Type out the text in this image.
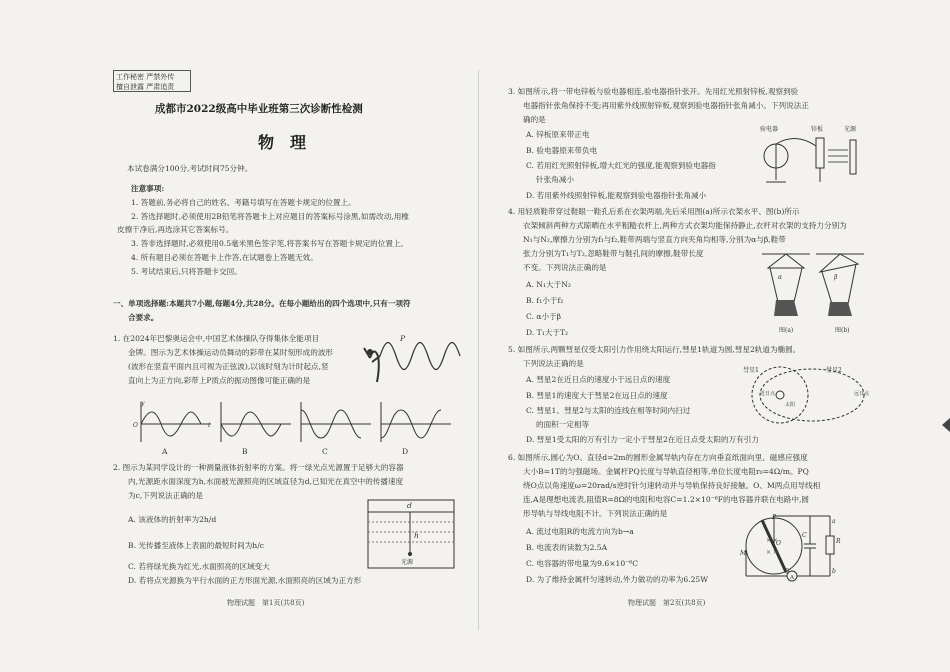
工作秘密 严禁外传
擅自泄露 严肃追责
成都市2022级高中毕业班第三次诊断性检测
物　理
本试卷满分100分,考试时间75分钟。
注意事项:
1. 答题前,务必将自己的姓名、考籍号填写在答题卡规定的位置上。
2. 答选择题时,必须使用2B铅笔将答题卡上对应题目的答案标号涂黑,如需改动,用橡
皮擦干净后,再选涂其它答案标号。
3. 答非选择题时,必须使用0.5毫米黑色签字笔,将答案书写在答题卡规定的位置上。
4. 所有题目必须在答题卡上作答,在试题卷上答题无效。
5. 考试结束后,只将答题卡交回。
一、单项选择题:本题共7小题,每题4分,共28分。在每小题给出的四个选项中,只有一项符
合要求。
1. 在2024年巴黎奥运会中,中国艺术体操队夺得集体全能项目
金牌。图示为艺术体操运动员舞动的彩带在某时刻形成的波形
(波形在竖直平面内且可视为正弦波),以该时刻为计时起点,竖
直向上为正方向,彩带上P质点的振动图像可能正确的是
P
A	B	C	D
y
t
O
2. 图示为某同学设计的一种测量液体折射率的方案。将一绿光点光源置于足够大的容器
内,光源距水面深度为h,水面被光源照亮的区域直径为d,已知光在真空中的传播速度
为c,下列说法正确的是
A. 该液体的折射率为2h/d
B. 光传播至液体上表面的最短时间为h/c
C. 若将绿光换为红光,水面照亮的区域变大
D. 若将点光源换为平行水面的正方形面光源,水面照亮的区域为正方形
d
h
光源
物理试题　第1页(共8页)
3. 如图所示,将一带电锌板与验电器相连,验电器指针张开。先用红光照射锌板,观察到验
电器指针张角保持不变;再用紫外线照射锌板,观察到验电器指针张角减小。下列说法正
确的是
A. 锌板原来带正电
B. 验电器原来带负电
C. 若用红光照射锌板,增大红光的强度,能观察到验电器指
针张角减小
D. 若用紫外线照射锌板,能观察到验电器指针张角减小
验电器	锌板	光源
4. 用轻质鞋带穿过鞋眼一鞋孔后系在衣架两端,先后采用图(a)所示衣架水平、图(b)所示
衣架倾斜两种方式晾晒在水平粗糙衣杆上,两种方式衣架均能保持静止,衣杆对衣架的支持力分别为
N₁与N₂,摩擦力分别为f₁与f₂,鞋带两端与竖直方向夹角均相等,分别为α与β,鞋带
张力分别为T₁与T₂,忽略鞋带与鞋孔间的摩擦,鞋带长度
不变。下列说法正确的是
A. N₁大于N₂
B. f₁小于f₂
C. α小于β
D. T₁大于T₂
α	β
图(a)	图(b)
5. 如图所示,两颗彗星仅受太阳引力作用绕太阳运行,彗星1轨道为圆,彗星2轨道为椭圆。
下列说法正确的是
A. 彗星2在近日点的速度小于远日点的速度
B. 彗星1的速度大于彗星2在远日点的速度
C. 彗星1、彗星2与太阳的连线在相等时间内扫过
的面积一定相等
D. 彗星1受太阳的万有引力一定小于彗星2在近日点受太阳的万有引力
彗星1	彗星2
近日点	远日点
太阳
6. 如图所示,圆心为O、直径d=2m的圆形金属导轨内存在方向垂直纸面向里、磁感应强度
大小B=1T的匀强磁场。金属杆PQ长度与导轨直径相等,单位长度电阻r₀=4Ω/m。PQ
绕O点以角速度ω=20rad/s逆时针匀速转动并与导轨保持良好接触。O、M两点用导线相
连,A是理想电流表,阻值R=8Ω的电阻和电容C=1.2×10⁻⁶F的电容器并联在电路中,圆
形导轨与导线电阻不计。下列说法正确的是
A. 流过电阻R的电流方向为b→a
B. 电流表的读数为2.5A
C. 电容器的带电量为9.6×10⁻⁶C
D. 为了维持金属杆匀速转动,外力做功的功率为6.25W
× ×
× ×
P
Q
M
O
C
R
a
b
A
物理试题　第2页(共8页)
